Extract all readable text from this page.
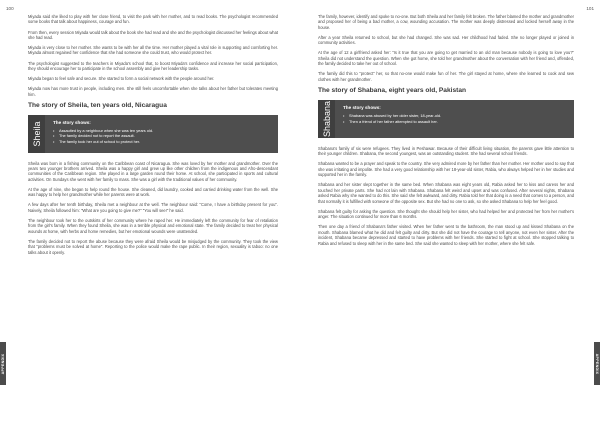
100

Miyada said she liked to play with her close friend, to visit the park with her mother, and to read books. The psychologist recommended some books that talk about happiness, courage and fun.

From then, every session Miyada would talk about the book she had read and she and the psychologist discussed her feelings about what she had read.

Miyada is very close to her mother. She wants to be with her all the time. Her mother played a vital role in supporting and comforting her. Miyada almost regained her confidence that she had someone she could trust, who would protect her.

The psychologist suggested to the teachers in Miyada's school that, to boost Miyada's confidence and increase her social participation, they should encourage her to participate in the school assembly and give her leadership tasks.

Miyada began to feel safe and secure. She started to form a social network with the people around her.

Miyada now has more trust in people, including men. She still feels uncomfortable when she talks about her father but tolerates meeting him.

The story of Sheila, ten years old, Nicaragua
Sheila	The story shows:
• Assaulted by a neighbour when she was ten years old.
• The family decided not to report the assault.
• The family took her out of school to protect her.

Sheila was born in a fishing community on the Caribbean coast of Nicaragua. She was loved by her mother and grandmother. Over the years two younger brothers arrived. Sheila was a happy girl and grew up like other children from the indigenous and Afro-descendant communities of the Caribbean region. She played in a large garden round their home. At school, she participated in sports and cultural activities. On Sundays she went with her family to mass. She was a girl with the traditional values of her community.

At the age of nine, she began to help round the house. She cleaned, did laundry, cooked and carried drinking water from the well. She was happy to help her grandmother while her parents were at work.

A few days after her tenth birthday, Sheila met a neighbour at the well. The neighbour said: "Come, I have a birthday present for you". Naively, Sheila followed him: "What are you going to give me?" "You will see!" he said.

The neighbour took her to the outskirts of her community where he raped her. He immediately left the community for fear of retaliation from the girl's family. When they found Sheila, she was in a terrible physical and emotional state. The family decided to treat her physical wounds at home, with herbs and home remedies, but her emotional wounds were unattended.

The family decided not to report the abuse because they were afraid Sheila would be misjudged by the community. They took the view that "problems must be solved at home". Reporting to the police would make the rape public. In their region, sexuality is taboo: no one talks about it openly.

APPENDIX
101

The family, however, identify and spoke to no-one. But both Sheila and her family felt broken. The father blamed the mother and grandmother and proposed her of being a bad mother, a cow, wounding accusation. The mother was deeply distressed and locked herself away in the house.

After a year Sheila returned to school, but she had changed. She was sad. Her childhood had faded. She no longer played or joined in community activities.

At the age of 12 a girlfriend asked her: "Is it true that you are going to get married to an old man because nobody is going to love you?" Sheila did not understand the question. When she got home, she told her grandmother about the conversation with her friend and, offended, the family decided to take her out of school.

The family did this to "protect" her, so that no-one would make fun of her. The girl stayed at home, where she learned to cook and sew clothes with her grandmother.

The story of Shabana, eight years old, Pakistan
Shabana	The story shows:
• Shabana was abused by her older sister, 18-year-old.
• Then a friend of her father attempted to assault her.

Shabana's family of six were refugees. They lived in Peshawar. Because of their difficult living situation, the parents gave little attention to their younger children. Shabana, the second youngest, was an outstanding student. She had several school friends.

Shabana wanted to be a prayer and speak to the country. She very admired more by her father than her mother. Her mother used to say that she was irritating and impolite. She had a very good relationship with her 18-year-old sister, Rabia, who always helped her in her studies and supported her in the family.

Shabana and her sister slept together in the same bed. When Shabana was eight years old, Rabia asked her to kiss and caress her and touched her private parts. She had not lain with Shabana. Shabana felt weird and upset and was confused. After several nights, Shabana asked Rabia why she wanted to do this. She said she felt awkward, and dirty. Rabia told her that doing is a need that comes to a person, and that normally it is fulfilled with someone of the opposite sex. But she had no one to ask, so she asked Shabana to help her feel good.

Shabana felt guilty for asking the question. She thought she should help her sister, who had helped her and protected her from her mother's anger. The situation continued for more than 6 months.

Then one day a friend of Shabana's father visited. When her father went to the bathroom, the man stood up and kissed Shabana on the mouth. Shabana blamed what he did and felt guilty and dirty. But she did not have the courage to tell anyone, not even her sister. After the incident, Shabana became depressed and started to have problems with her friends. She started to fight at school. She stopped talking to Rabia and refused to sleep with her in the same bed. She said she wanted to sleep with her mother, where she felt safe.

APPENDIX
